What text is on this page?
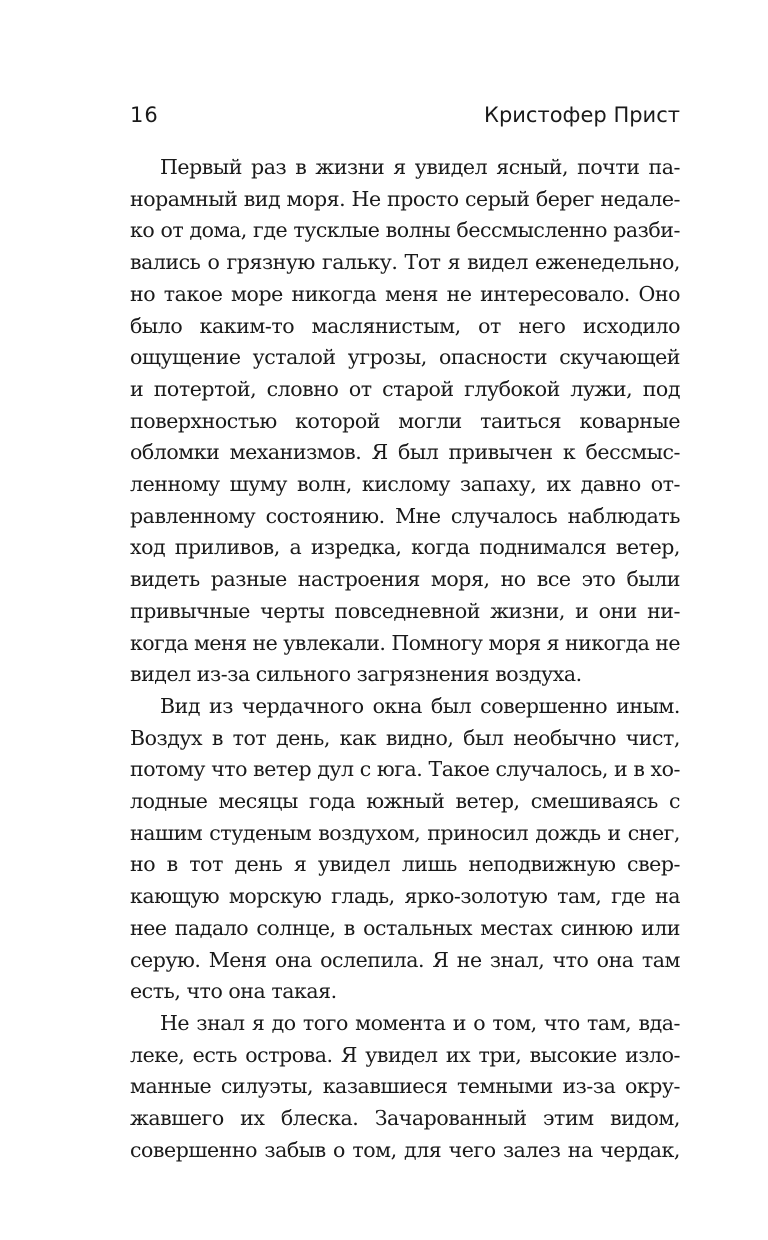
16	Кристофер Прист
Первый раз в жизни я увидел ясный, почти па-
норамный вид моря. Не просто серый берег недале-
ко от дома, где тусклые волны бессмысленно разби-
вались о грязную гальку. Тот я видел еженедельно,
но такое море никогда меня не интересовало. Оно
было каким-то маслянистым, от него исходило
ощущение усталой угрозы, опасности скучающей
и потертой, словно от старой глубокой лужи, под
поверхностью которой могли таиться коварные
обломки механизмов. Я был привычен к бессмыс-
ленному шуму волн, кислому запаху, их давно от-
равленному состоянию. Мне случалось наблюдать
ход приливов, а изредка, когда поднимался ветер,
видеть разные настроения моря, но все это были
привычные черты повседневной жизни, и они ни-
когда меня не увлекали. Помногу моря я никогда не
видел из-за сильного загрязнения воздуха.
Вид из чердачного окна был совершенно иным.
Воздух в тот день, как видно, был необычно чист,
потому что ветер дул с юга. Такое случалось, и в хо-
лодные месяцы года южный ветер, смешиваясь с
нашим студеным воздухом, приносил дождь и снег,
но в тот день я увидел лишь неподвижную свер-
кающую морскую гладь, ярко-золотую там, где на
нее падало солнце, в остальных местах синюю или
серую. Меня она ослепила. Я не знал, что она там
есть, что она такая.
Не знал я до того момента и о том, что там, вда-
леке, есть острова. Я увидел их три, высокие изло-
манные силуэты, казавшиеся темными из-за окру-
жавшего их блеска. Зачарованный этим видом,
совершенно забыв о том, для чего залез на чердак,
